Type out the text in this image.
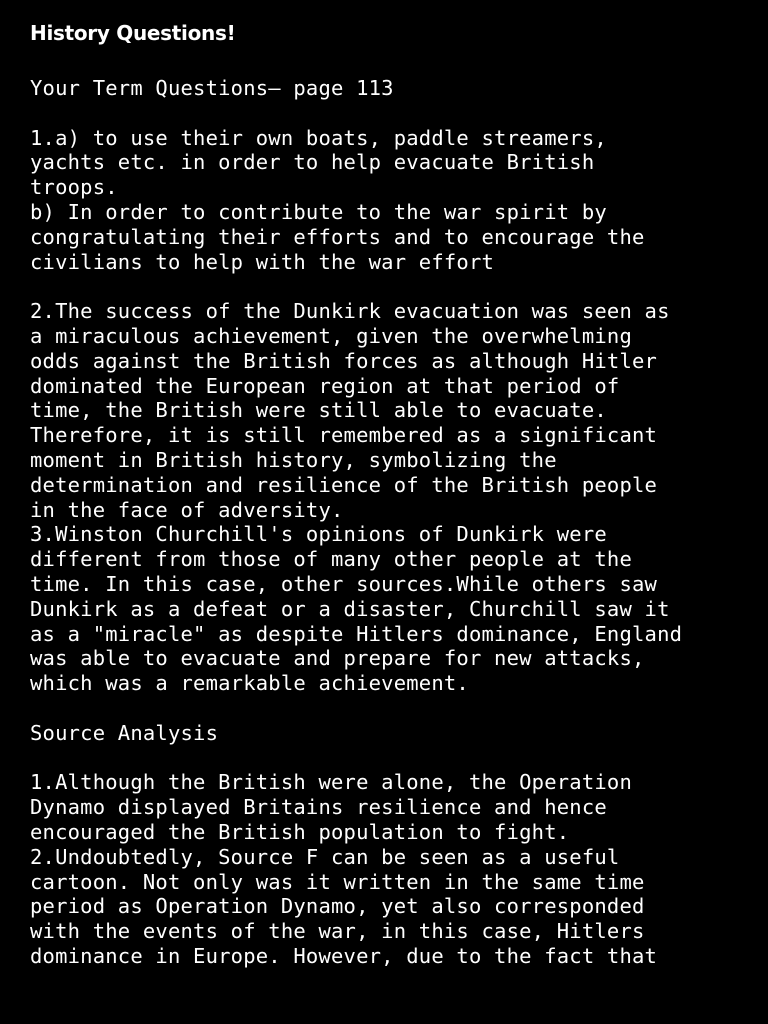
History Questions!
Your Term Questions– page 113
1.a) to use their own boats, paddle streamers,
yachts etc. in order to help evacuate British
troops.
b) In order to contribute to the war spirit by
congratulating their efforts and to encourage the
civilians to help with the war effort
2.The success of the Dunkirk evacuation was seen as
a miraculous achievement, given the overwhelming
odds against the British forces as although Hitler
dominated the European region at that period of
time, the British were still able to evacuate.
Therefore, it is still remembered as a significant
moment in British history, symbolizing the
determination and resilience of the British people
in the face of adversity.
3.Winston Churchill's opinions of Dunkirk were
different from those of many other people at the
time. In this case, other sources.While others saw
Dunkirk as a defeat or a disaster, Churchill saw it
as a "miracle" as despite Hitlers dominance, England
was able to evacuate and prepare for new attacks,
which was a remarkable achievement.
Source Analysis
1.Although the British were alone, the Operation
Dynamo displayed Britains resilience and hence
encouraged the British population to fight.
2.Undoubtedly, Source F can be seen as a useful
cartoon. Not only was it written in the same time
period as Operation Dynamo, yet also corresponded
with the events of the war, in this case, Hitlers
dominance in Europe. However, due to the fact that
